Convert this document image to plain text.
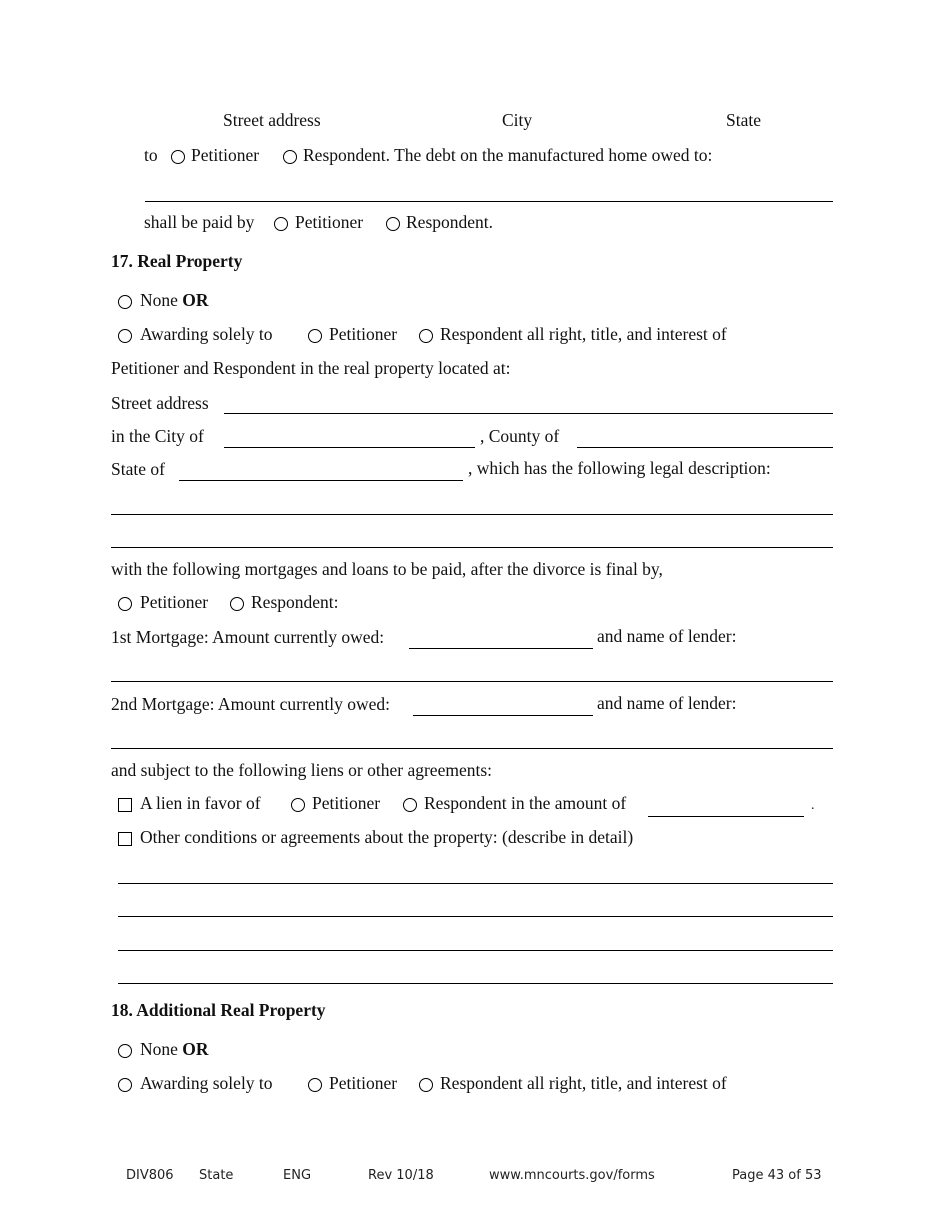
Street address	City	State
to Petitioner	Respondent. The debt on the manufactured home owed to:
shall be paid by Petitioner Respondent.
17. Real Property
None OR
Awarding solely to	Petitioner Respondent all right, title, and interest of
Petitioner and Respondent in the real property located at:
Street address
in the City of	, County of
State of	, which has the following legal description:
with the following mortgages and loans to be paid, after the divorce is final by,
Petitioner Respondent:
1st Mortgage: Amount currently owed:	and name of lender:
2nd Mortgage: Amount currently owed:	and name of lender:
and subject to the following liens or other agreements:
A lien in favor of	Petitioner	Respondent in the amount of	.
Other conditions or agreements about the property: (describe in detail)
18. Additional Real Property
None OR
Awarding solely to	Petitioner Respondent all right, title, and interest of
DIV806 State	ENG	Rev 10/18	www.mncourts.gov/forms	Page 43 of 53
